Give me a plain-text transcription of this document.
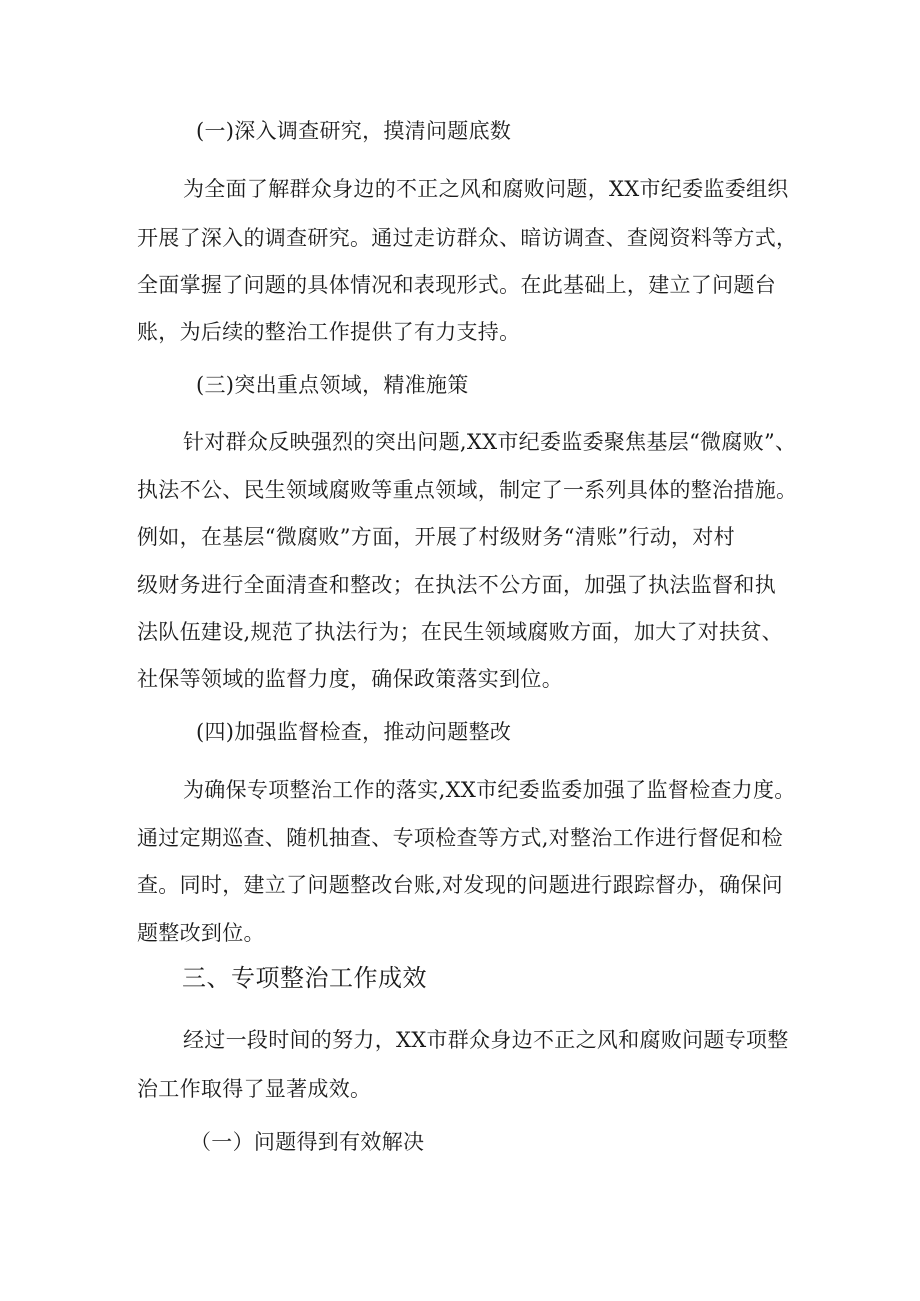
(一)深入调查研究，摸清问题底数
为全面了解群众身边的不正之风和腐败问题，XX市纪委监委组织
开展了深入的调查研究。通过走访群众、暗访调查、查阅资料等方式，
全面掌握了问题的具体情况和表现形式。在此基础上，建立了问题台
账，为后续的整治工作提供了有力支持。
(三)突出重点领域，精准施策
针对群众反映强烈的突出问题,XX市纪委监委聚焦基层“微腐败”、
执法不公、民生领域腐败等重点领域，制定了一系列具体的整治措施。
例如，在基层“微腐败”方面，开展了村级财务“清账”行动，对村
级财务进行全面清查和整改；在执法不公方面，加强了执法监督和执
法队伍建设,规范了执法行为；在民生领域腐败方面，加大了对扶贫、
社保等领域的监督力度，确保政策落实到位。
(四)加强监督检查，推动问题整改
为确保专项整治工作的落实,XX市纪委监委加强了监督检查力度。
通过定期巡查、随机抽查、专项检查等方式,对整治工作进行督促和检
查。同时，建立了问题整改台账,对发现的问题进行跟踪督办，确保问
题整改到位。
三、专项整治工作成效
经过一段时间的努力，XX市群众身边不正之风和腐败问题专项整
治工作取得了显著成效。
（一）问题得到有效解决
